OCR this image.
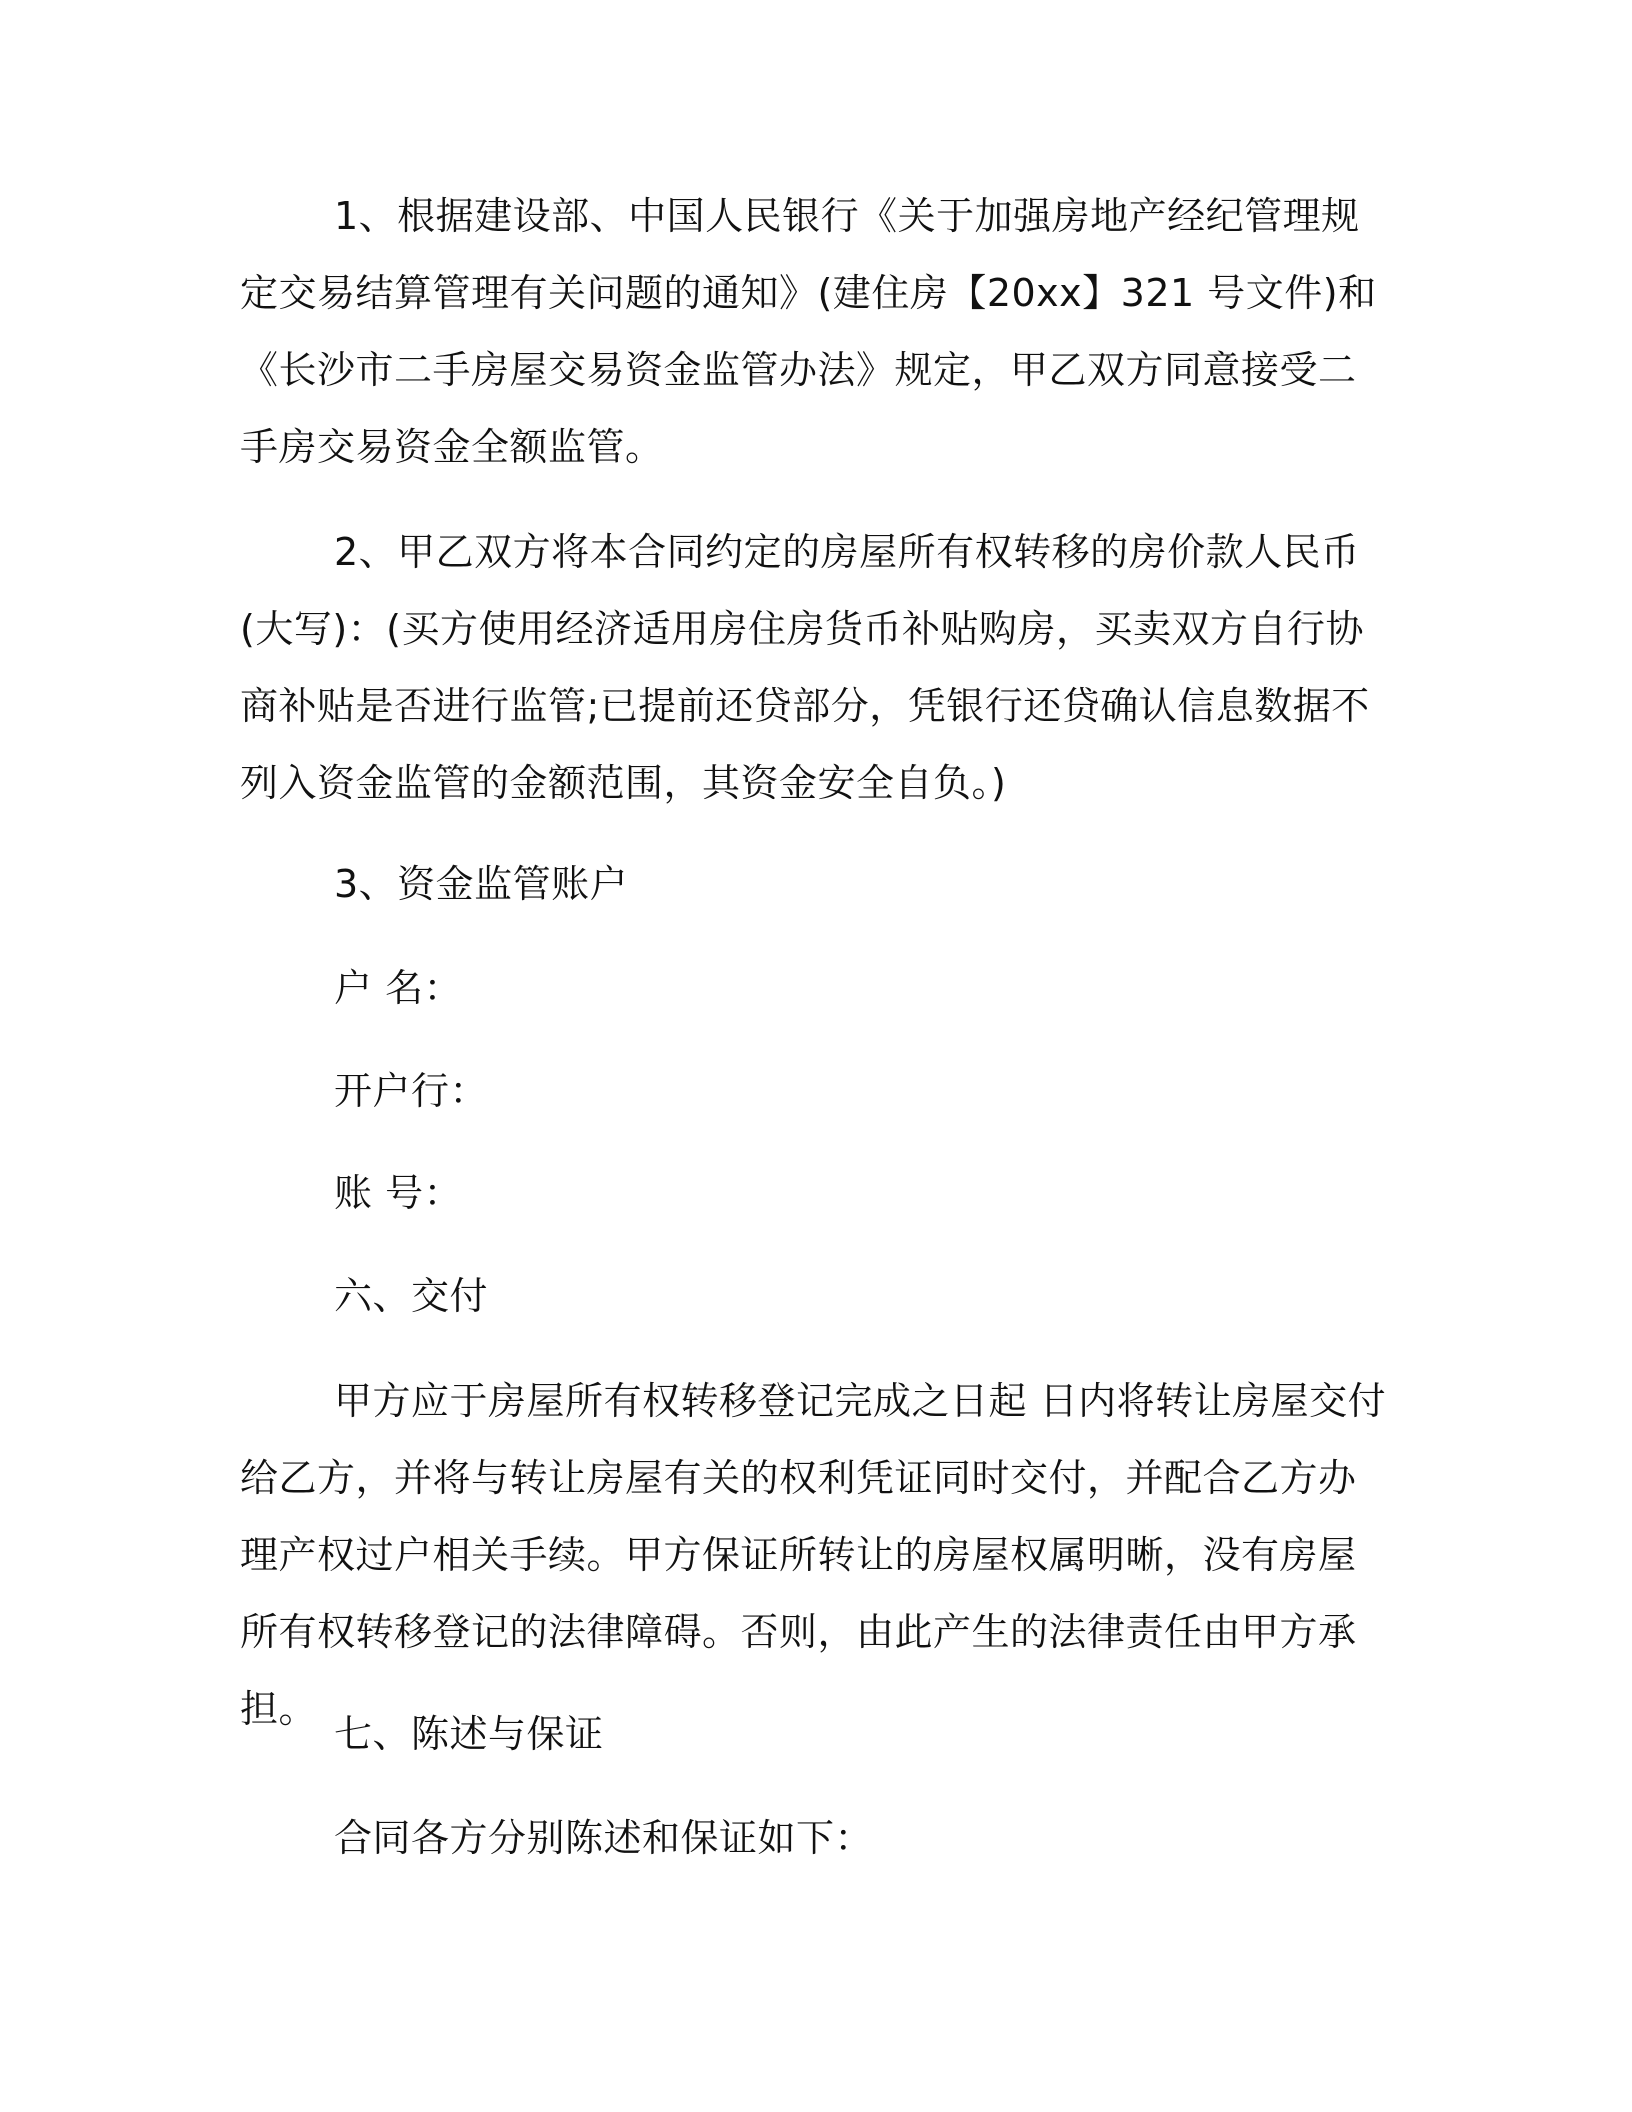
1、根据建设部、中国人民银行《关于加强房地产经纪管理规定交易结算管理有关问题的通知》(建住房【20xx】321 号文件)和《长沙市二手房屋交易资金监管办法》规定，甲乙双方同意接受二手房交易资金全额监管。

2、甲乙双方将本合同约定的房屋所有权转移的房价款人民币(大写)：(买方使用经济适用房住房货币补贴购房，买卖双方自行协商补贴是否进行监管;已提前还贷部分，凭银行还贷确认信息数据不列入资金监管的金额范围，其资金安全自负。)

3、资金监管账户

户 名：

开户行：

账 号：

六、交付

甲方应于房屋所有权转移登记完成之日起 日内将转让房屋交付给乙方，并将与转让房屋有关的权利凭证同时交付，并配合乙方办理产权过户相关手续。甲方保证所转让的房屋权属明晰，没有房屋所有权转移登记的法律障碍。否则，由此产生的法律责任由甲方承担。

七、陈述与保证

合同各方分别陈述和保证如下：
